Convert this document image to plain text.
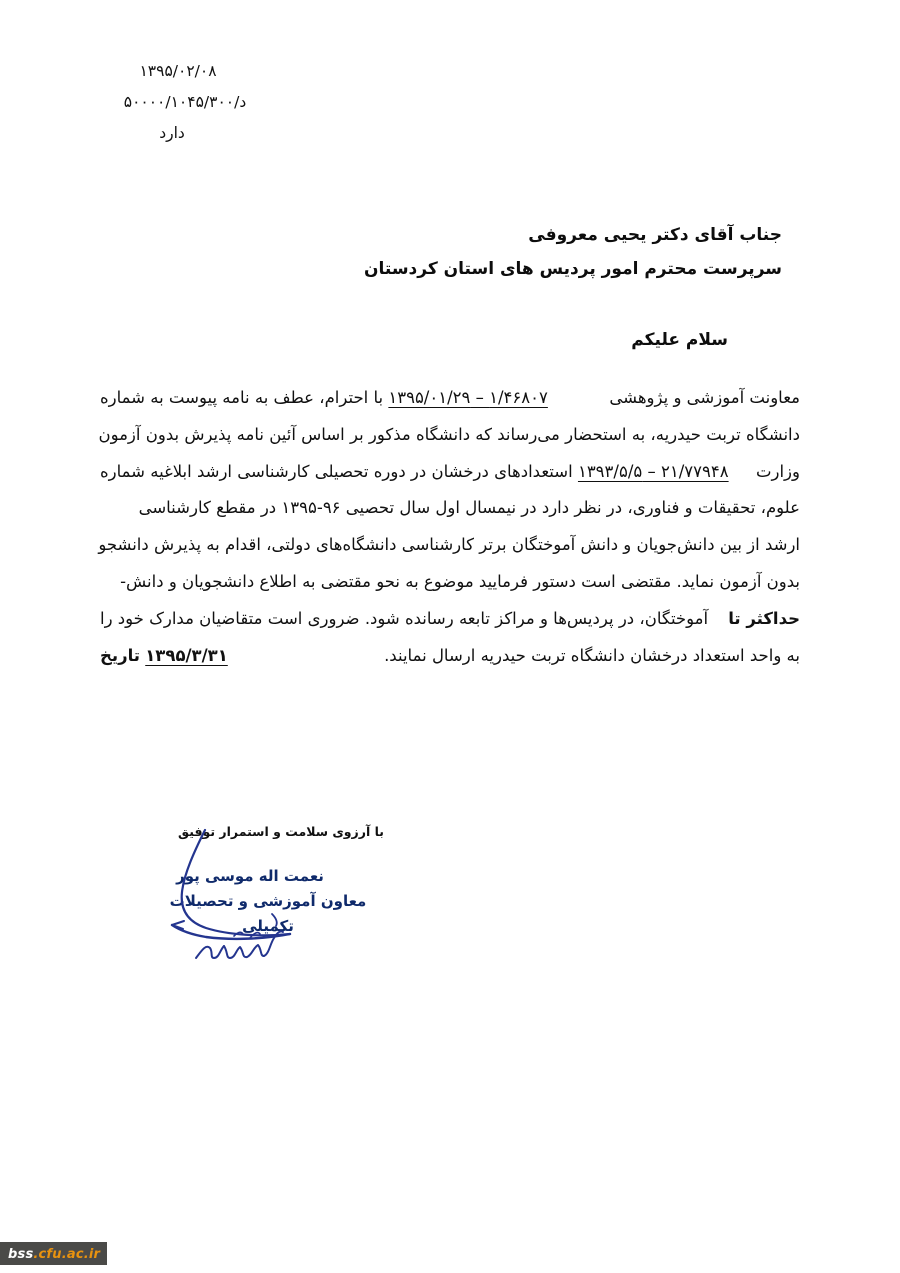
۱۳۹۵/۰۲/۰۸
د/۵۰۰۰۰/۱۰۴۵/۳۰۰
دارد
جناب آقای دکتر یحیی معروفی
سرپرست محترم امور پردیس های استان کردستان
سلام علیکم
معاونت آموزشی و پژوهشی
۱/۴۶۸۰۷ – ۱۳۹۵/۰۱/۲۹ با احترام، عطف به نامه پیوست به شماره
دانشگاه تربت حیدریه، به استحضار می‌رساند که دانشگاه مذکور بر اساس آئین نامه پذیرش بدون آزمون
وزارت
۲۱/۷۷۹۴۸ – ۱۳۹۳/۵/۵ استعدادهای درخشان در دوره تحصیلی کارشناسی ارشد ابلاغیه شماره
علوم، تحقیقات و فناوری، در نظر دارد در نیمسال اول سال تحصیی ۹۶-۱۳۹۵ در مقطع کارشناسی
ارشد از بین دانش‌جویان و دانش آموختگان برتر کارشناسی دانشگاه‌های دولتی، اقدام به پذیرش دانشجو
بدون آزمون نماید. مقتضی است دستور فرمایید موضوع به نحو مقتضی به اطلاع دانشجویان و دانش-
حداکثر تا
آموختگان، در پردیس‌ها و مراکز تابعه رسانده شود. ضروری است متقاضیان مدارک خود را
به واحد استعداد درخشان دانشگاه تربت حیدریه ارسال نمایند.
۱۳۹۵/۳/۳۱ تاریخ
با آرزوی سلامت و استمرار توفیق
نعمت اله موسی پور
معاون آموزشی و تحصیلات تکمیلی
bss.cfu.ac.ir
